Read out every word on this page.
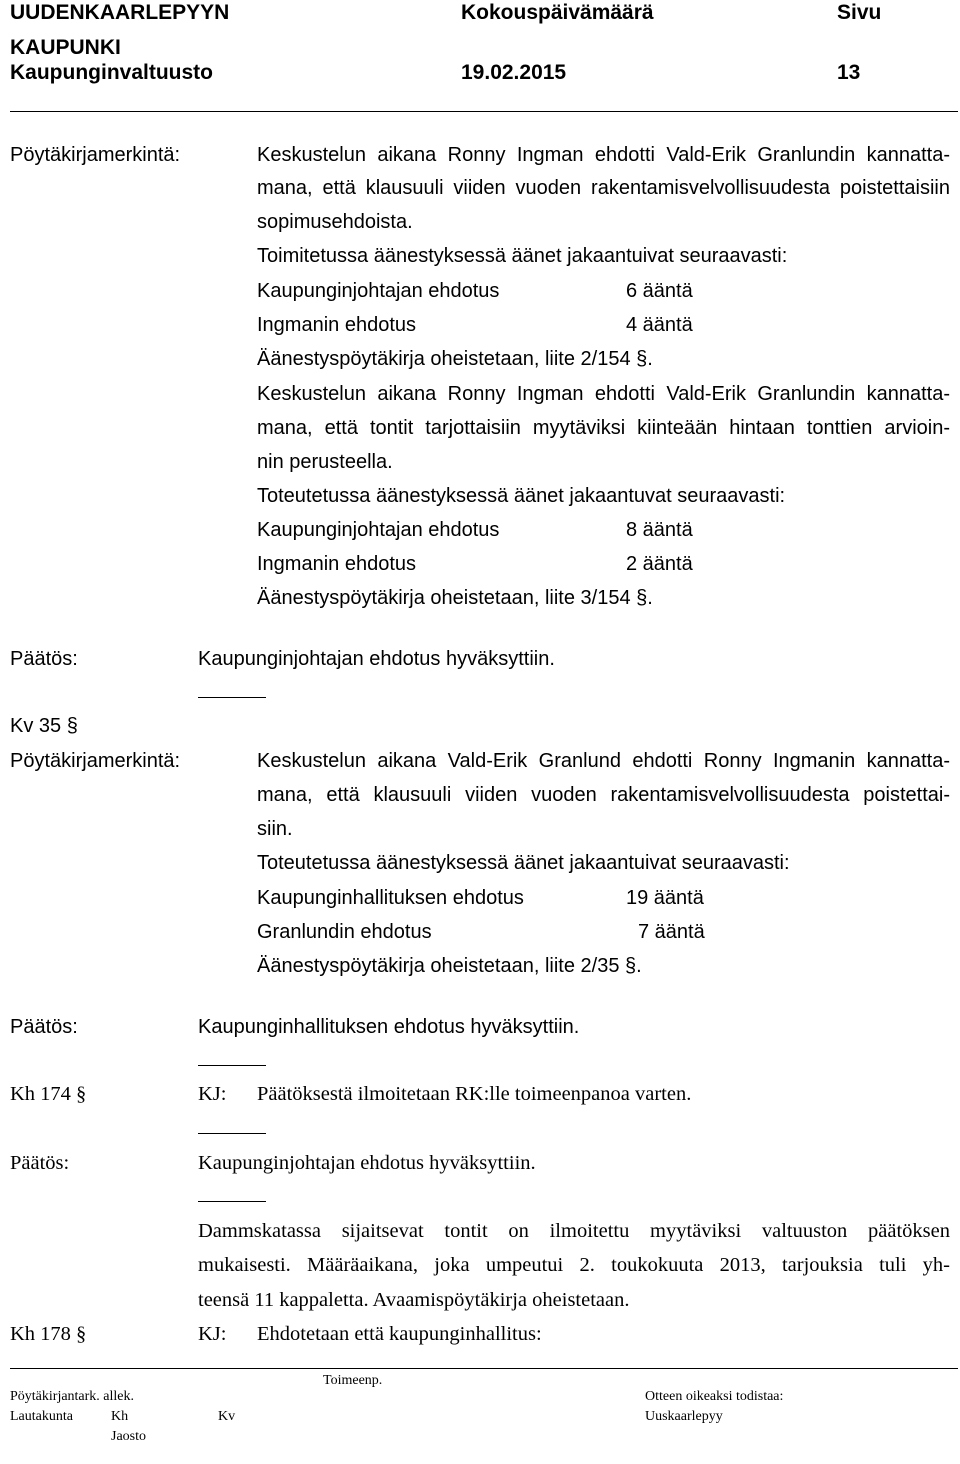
UUDENKAARLEPYYN
KAUPUNKI
Kaupunginvaltuusto
Kokouspäivämäärä
19.02.2015
Sivu
13
Pöytäkirjamerkintä:	Keskustelun aikana Ronny Ingman ehdotti Vald-Erik Granlundin kannatta-
mana, että klausuuli viiden vuoden rakentamisvelvollisuudesta poistettaisiin
sopimusehdoista.
Toimitetussa äänestyksessä äänet jakaantuivat seuraavasti:
Kaupunginjohtajan ehdotus	6 ääntä
Ingmanin ehdotus	4 ääntä
Äänestyspöytäkirja oheistetaan, liite 2/154 §.
Keskustelun aikana Ronny Ingman ehdotti Vald-Erik Granlundin kannatta-
mana, että tontit tarjottaisiin myytäviksi kiinteään hintaan tonttien arvioin-
nin perusteella.
Toteutetussa äänestyksessä äänet jakaantuvat seuraavasti:
Kaupunginjohtajan ehdotus	8 ääntä
Ingmanin ehdotus	2 ääntä
Äänestyspöytäkirja oheistetaan, liite 3/154 §.
Päätös:	Kaupunginjohtajan ehdotus hyväksyttiin.
Kv 35 §
Pöytäkirjamerkintä:	Keskustelun aikana Vald-Erik Granlund ehdotti Ronny Ingmanin kannatta-
mana, että klausuuli viiden vuoden rakentamisvelvollisuudesta poistettai-
siin.
Toteutetussa äänestyksessä äänet jakaantuivat seuraavasti:
Kaupunginhallituksen ehdotus	19 ääntä
Granlundin ehdotus	7 ääntä
Äänestyspöytäkirja oheistetaan, liite 2/35 §.
Päätös:	Kaupunginhallituksen ehdotus hyväksyttiin.
Kh 174 §	KJ: Päätöksestä ilmoitetaan RK:lle toimeenpanoa varten.
Päätös:	Kaupunginjohtajan ehdotus hyväksyttiin.
Dammskatassa sijaitsevat tontit on ilmoitettu myytäviksi valtuuston päätöksen
mukaisesti. Määräaikana, joka umpeutui 2. toukokuuta 2013, tarjouksia tuli yh-
teensä 11 kappaletta. Avaamispöytäkirja oheistetaan.
Kh 178 §	KJ: Ehdotetaan että kaupunginhallitus:
Toimeenp.
Pöytäkirjantark. allek.	Otteen oikeaksi todistaa:
Lautakunta	Kh	Kv	Uuskaarlepyy
Jaosto
